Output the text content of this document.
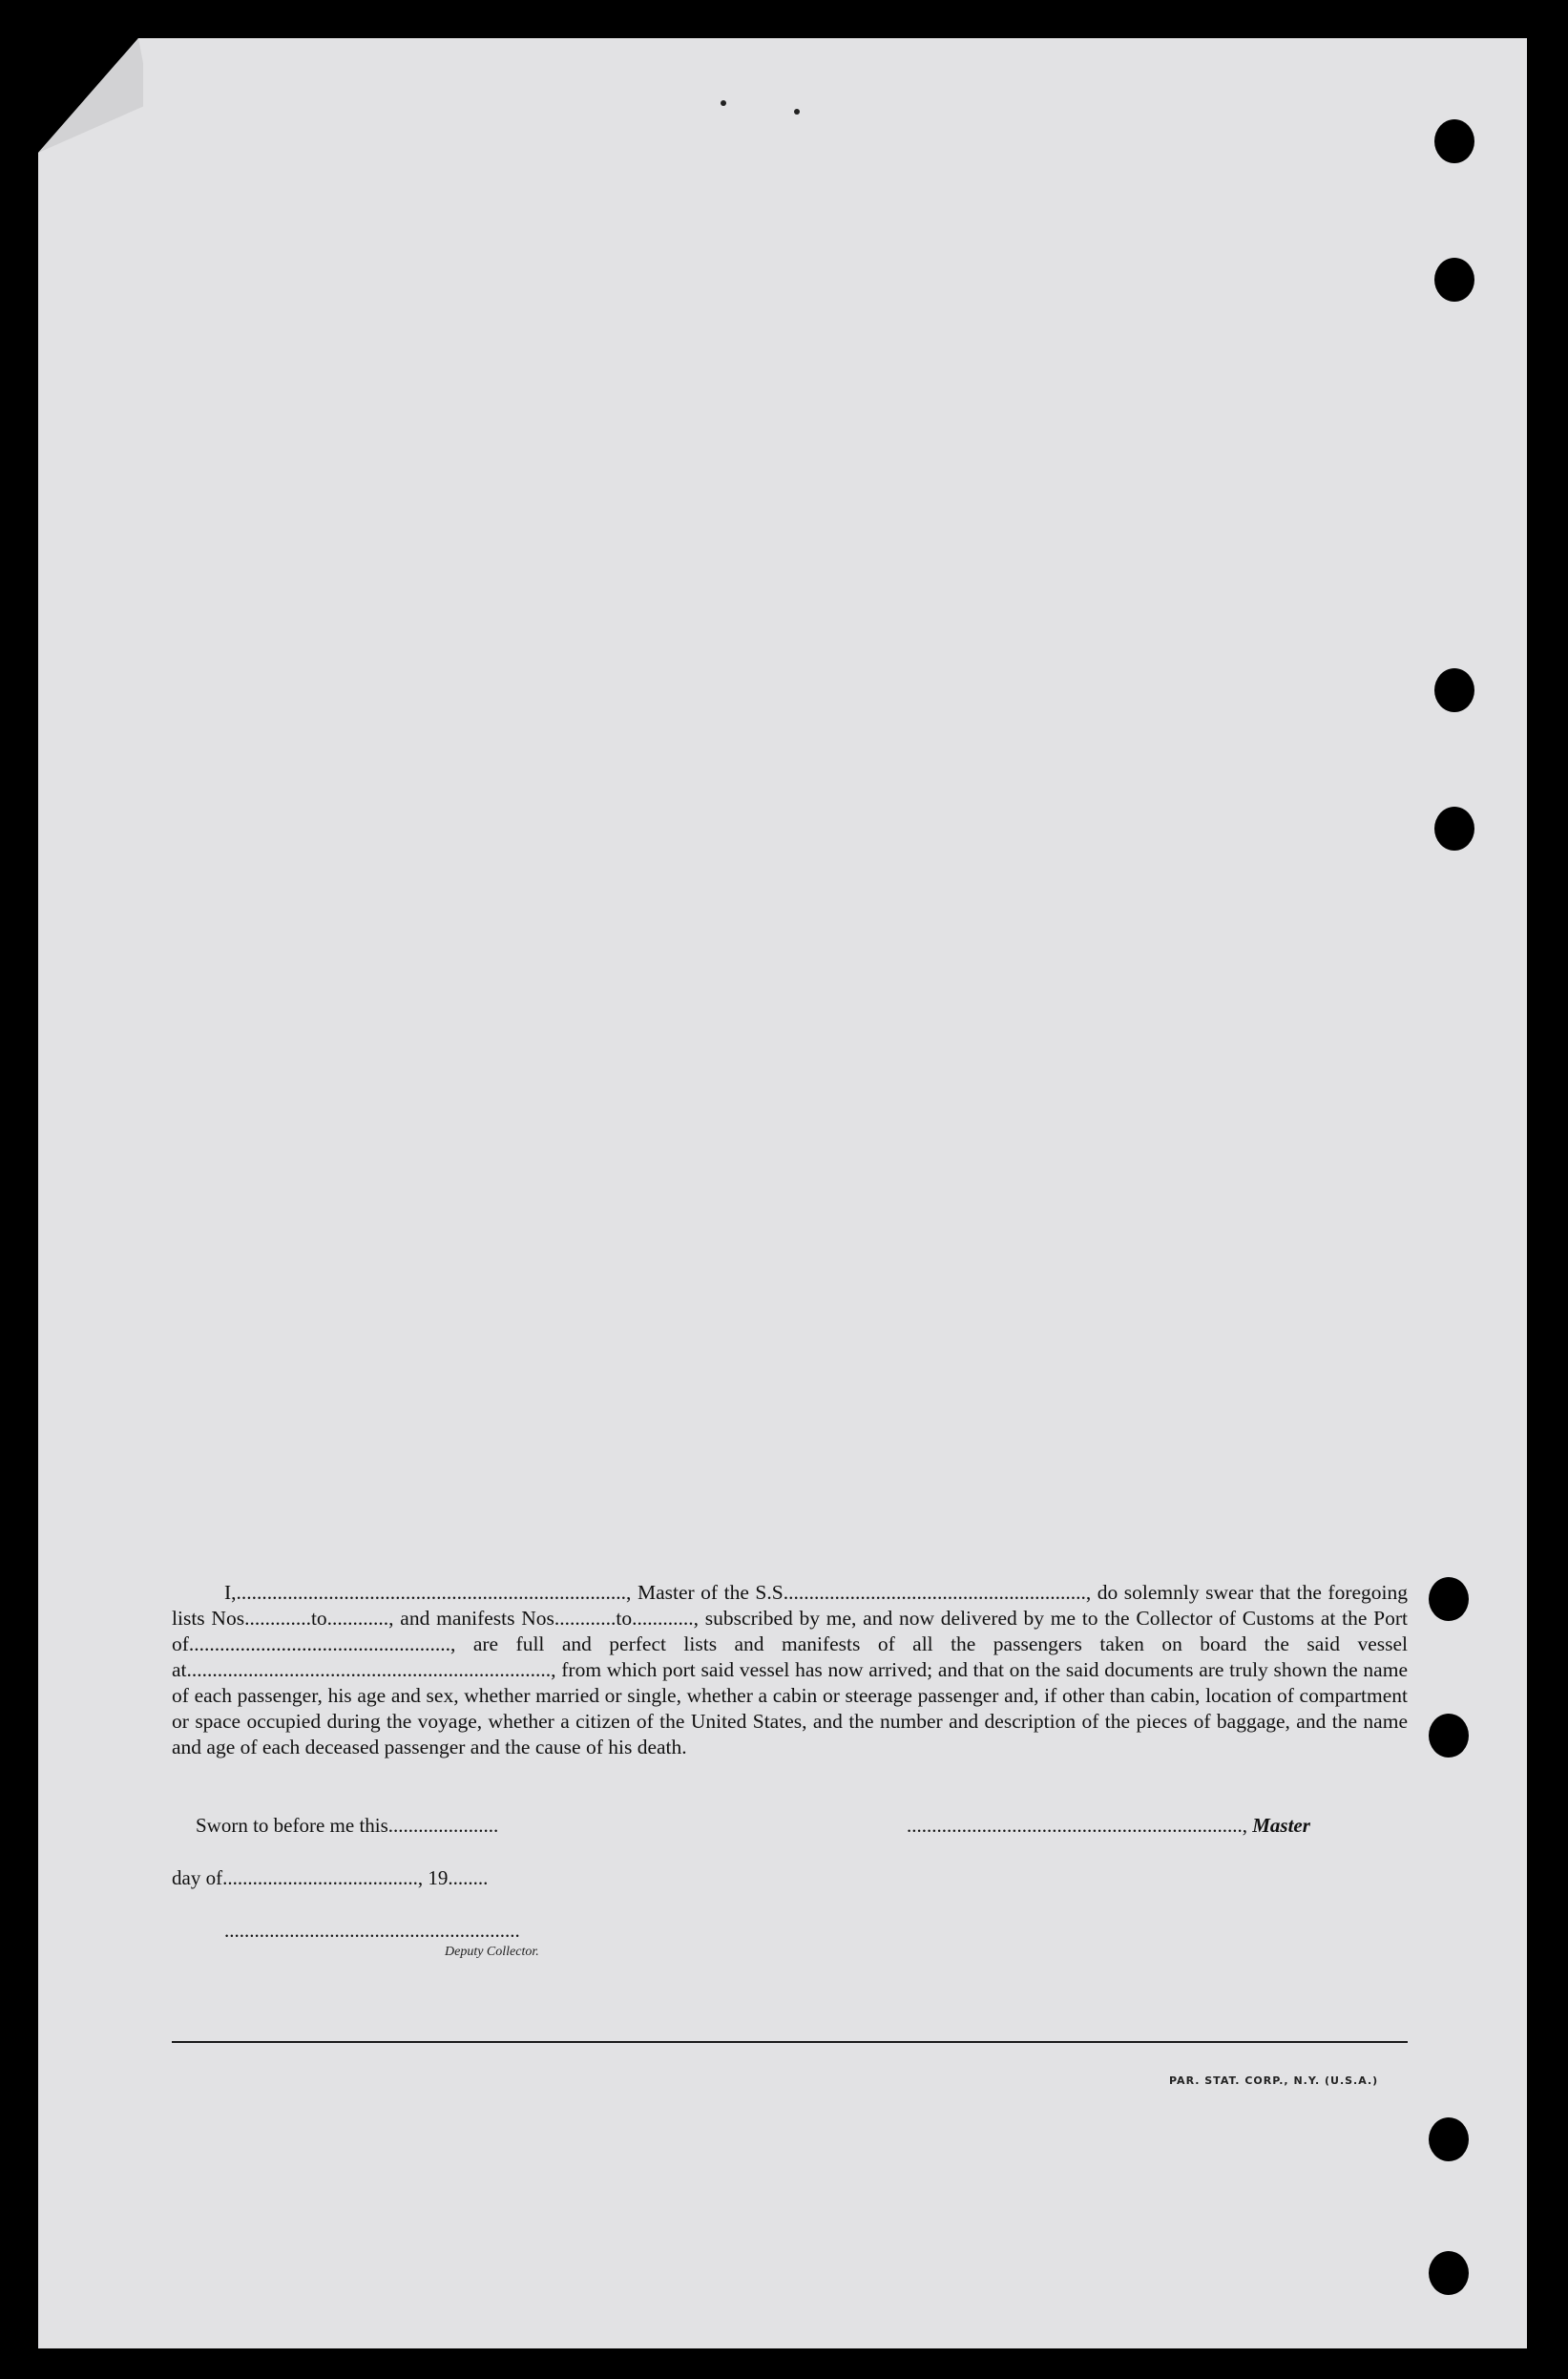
I,............................................................................, Master of the S.S..........................................................., do solemnly swear that the foregoing lists Nos.............to............, and manifests Nos............to............, subscribed by me, and now delivered by me to the Collector of Customs at the Port of..................................................., are full and perfect lists and manifests of all the passengers taken on board the said vessel at......................................................................., from which port said vessel has now arrived; and that on the said documents are truly shown the name of each passenger, his age and sex, whether married or single, whether a cabin or steerage passenger and, if other than cabin, location of compartment or space occupied during the voyage, whether a citizen of the United States, and the number and description of the pieces of baggage, and the name and age of each deceased passenger and the cause of his death.
Sworn to before me this......................	..................................................................., Master
day of......................................., 19........
...........................................................
Deputy Collector.
PAR. STAT. CORP., N.Y. (U.S.A.)
